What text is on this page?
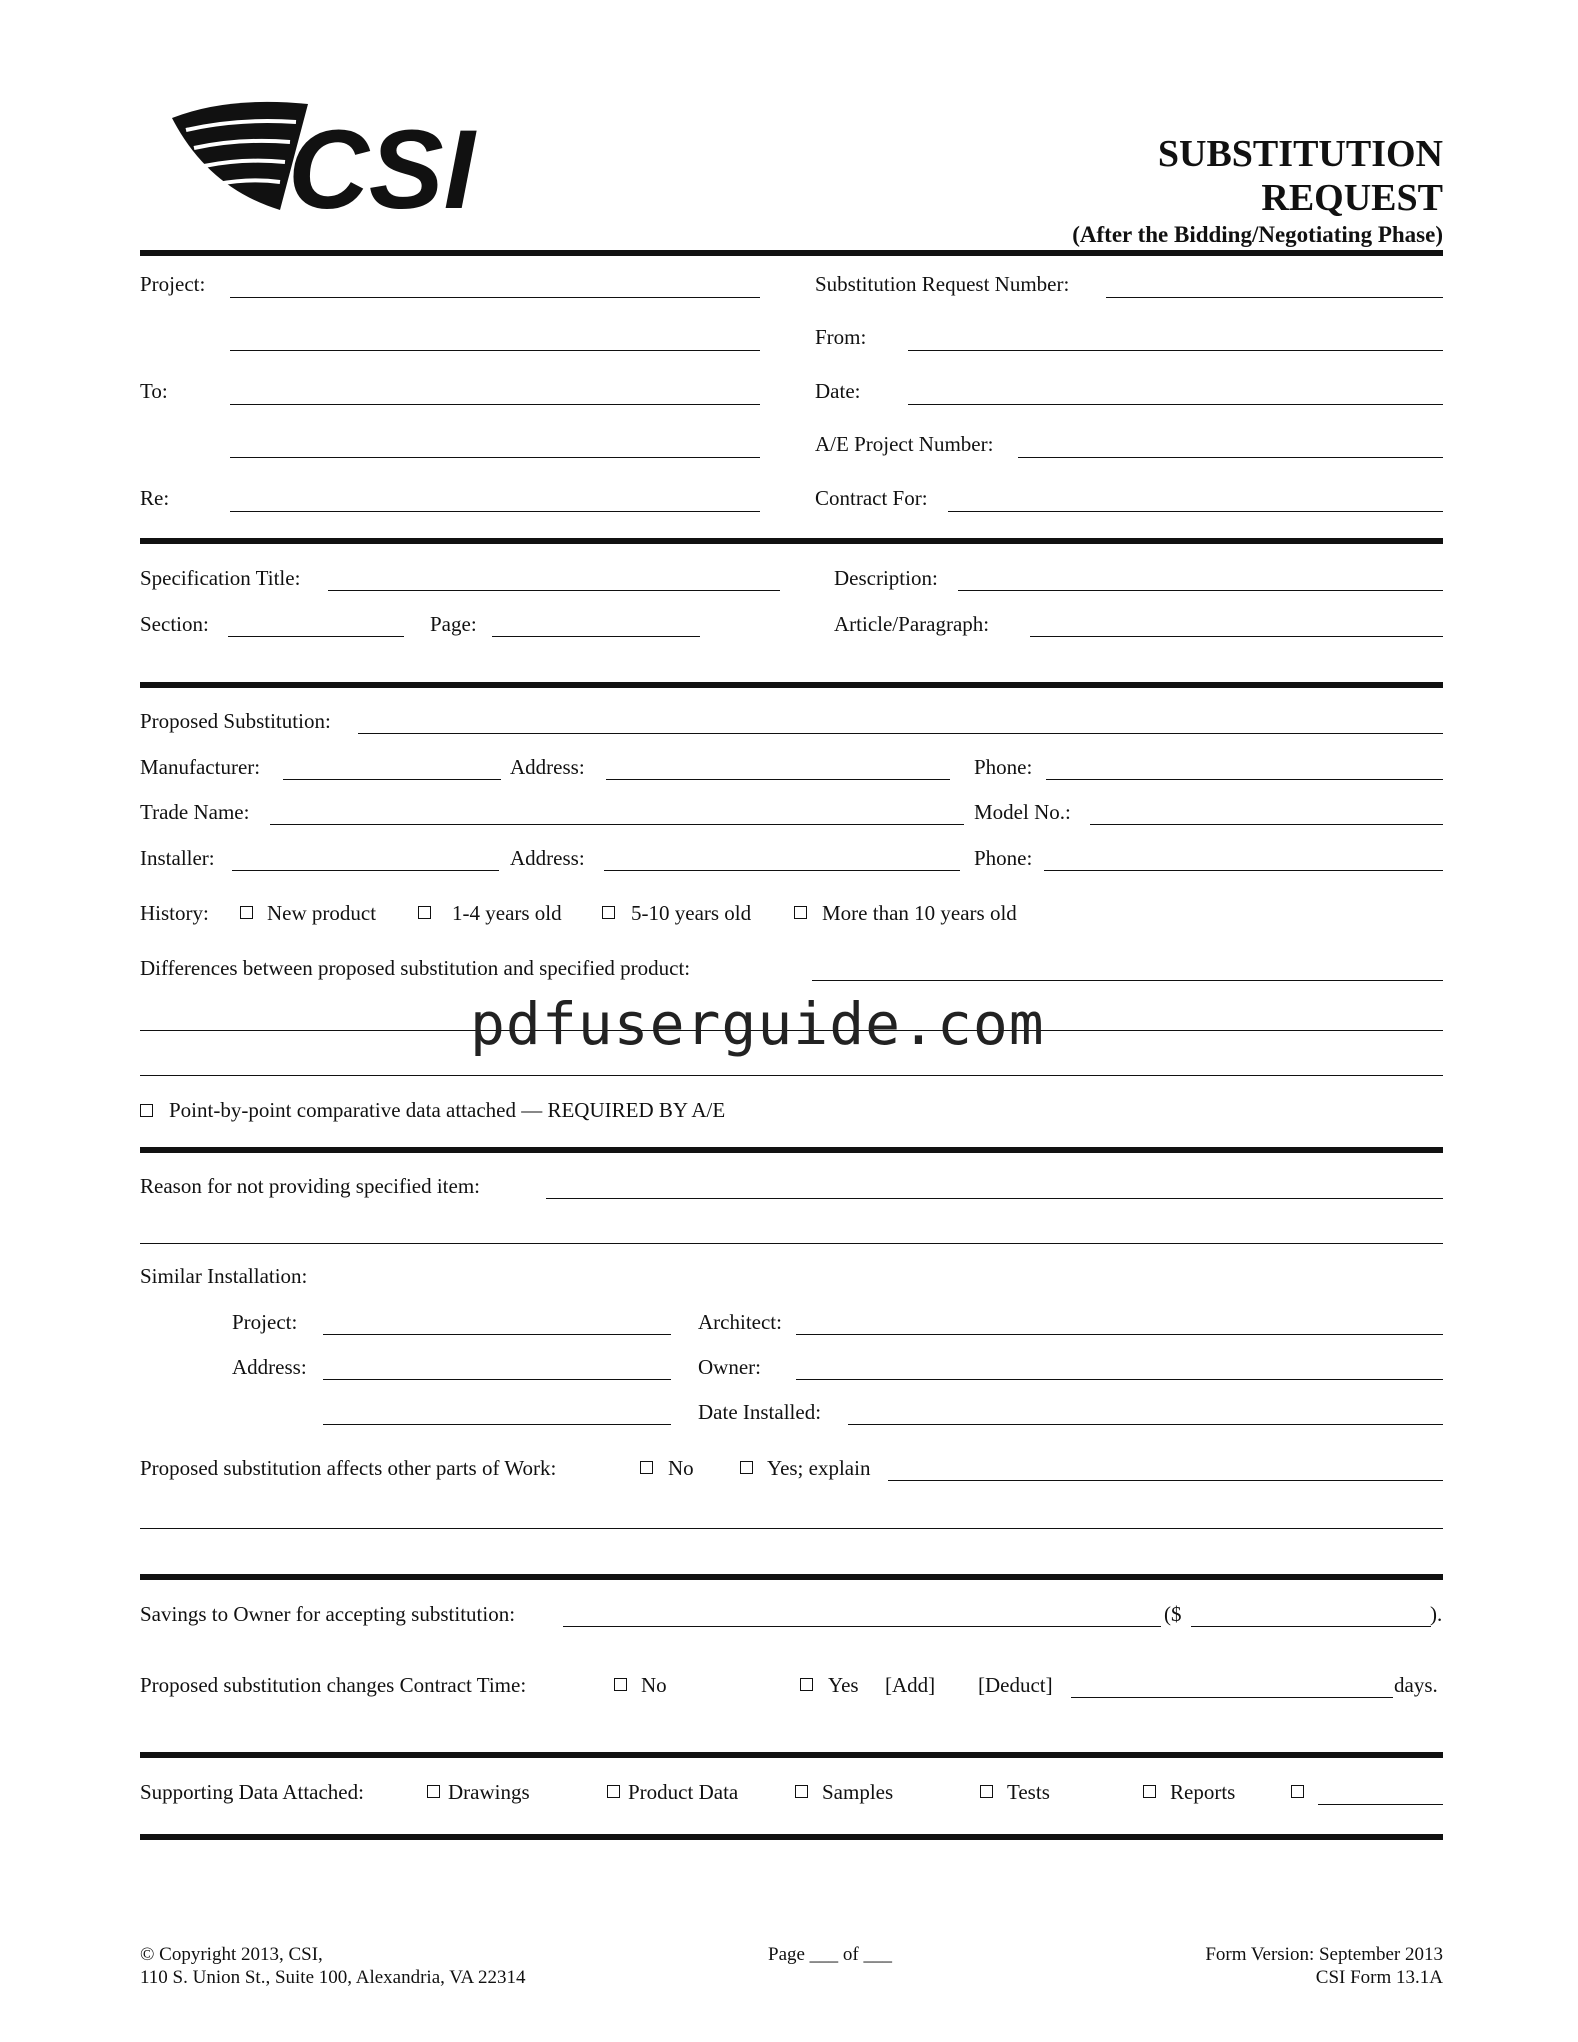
CSI	SUBSTITUTION
REQUEST
(After the Bidding/Negotiating Phase)
Project:
To:
Re:
Substitution Request Number:
From:
Date:
A/E Project Number:
Contract For:
Specification Title:	Description:
Section:	Page:	Article/Paragraph:
Proposed Substitution:
Manufacturer:	Address:	Phone:
Trade Name:	Model No.:
Installer:	Address:	Phone:
History:	New product	1-4 years old	5-10 years old	More than 10 years old
Differences between proposed substitution and specified product:
pdfuserguide.com
Point-by-point comparative data attached — REQUIRED BY A/E
Reason for not providing specified item:
Similar Installation:
Project:	Architect:
Address:	Owner:
Date Installed:
Proposed substitution affects other parts of Work:	No	Yes; explain
Savings to Owner for accepting substitution:	($	).
Proposed substitution changes Contract Time:	No	Yes [Add] [Deduct]	days.
Supporting Data Attached:	Drawings	Product Data	Samples	Tests	Reports
© Copyright 2013, CSI,
110 S. Union St., Suite 100, Alexandria, VA 22314
Page ___ of ___	Form Version: September 2013
CSI Form 13.1A
